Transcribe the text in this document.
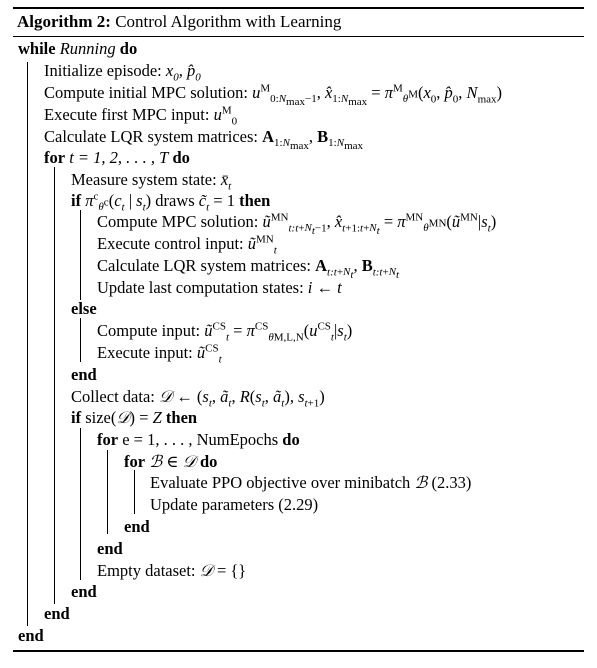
Algorithm 2: Control Algorithm with Learning
while Running do
Initialize episode: $x_0$, $p̂_0$
Compute initial MPC solution: $u^M_{0:N_{max}-1}$, $x̂_{1:N_{max}} = \pi^M_{\theta^M}(x_0$, $p̂_0$, $N_{max}$)
Execute first MPC input: $u^M_0$
Calculate LQR system matrices: $A_{1:N_{max}}$, $B_{1:N_{max}}$
for t = 1, 2, . . . , T do
Measure system state: $x̄_t$
if $\pi^c_{\theta^c}(c_t$ | $s_t$) draws $c̃_t = 1$ then
Compute MPC solution: $ũ^{MN}_{t:t+N_t-1}$, $x̂_{t+1:t+N_t}$ = $\pi^{MN}_{\theta^{MN}}(ũ^{MN}|s_t)$
Execute control input: $ũ^{MN}_t$
Calculate LQR system matrices: $A_{t:t+N_t}$, $B_{t:t+N_t}$
Update last computation states: i ← t
else
Compute input: $ũ^{CS}_t = \pi^{CS}_{\theta M,L,N}(u^{CS}_t|s_t)$
Execute input: $ũ^{CS}_t$
end
Collect data: 𝒟 ← ($s_t$, $ã_t$, $R(s_t$, $ã_t$), $s_{t+1}$)
if size(𝒟) = Z then
for e = 1, . . . , NumEpochs do
for ℬ ∈ 𝒟 do
Evaluate PPO objective over minibatch ℬ (2.33)
Update parameters (2.29)
end
end
Empty dataset: 𝒟 = {}
end
end
end
